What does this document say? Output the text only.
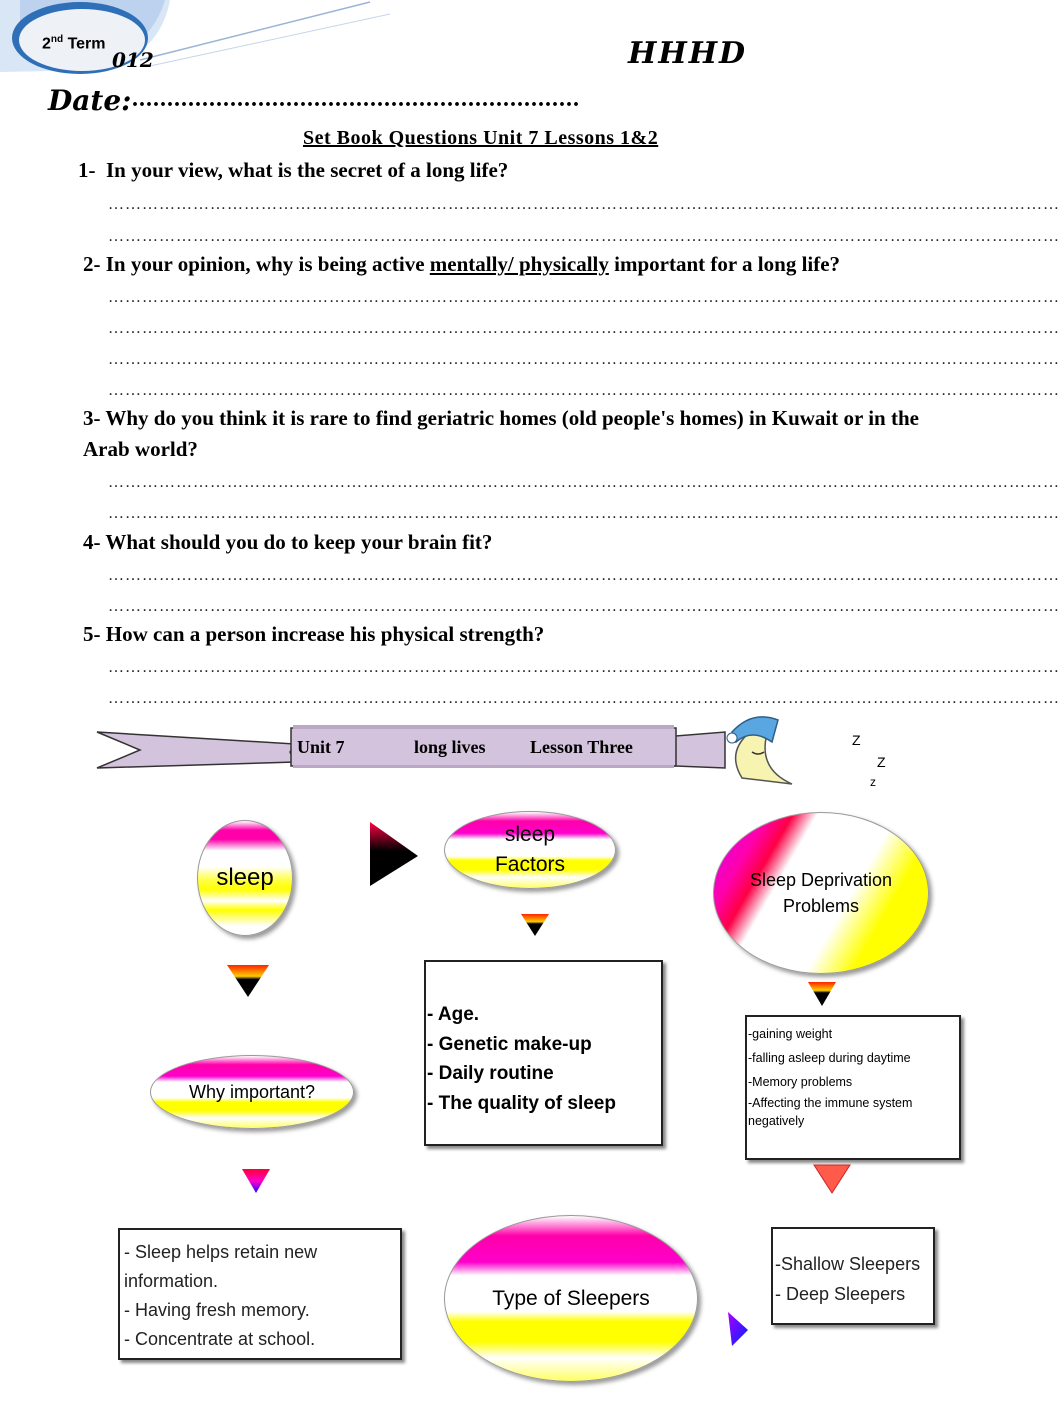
2nd Term
012	HHHD
Date: ................................................................
Set Book Questions Unit 7 Lessons 1&2
1- In your view, what is the secret of a long life?
……………………………………………………………………………………………………………………………………………………
……………………………………………………………………………………………………………………………………………………
2- In your opinion, why is being active mentally/ physically important for a long life?
……………………………………………………………………………………………………………………………………………………
……………………………………………………………………………………………………………………………………………………
……………………………………………………………………………………………………………………………………………………
……………………………………………………………………………………………………………………………………………………
3- Why do you think it is rare to find geriatric homes (old people's homes) in Kuwait or in the Arab world?
……………………………………………………………………………………………………………………………………………………
……………………………………………………………………………………………………………………………………………………
4- What should you do to keep your brain fit?
……………………………………………………………………………………………………………………………………………………
……………………………………………………………………………………………………………………………………………………
5- How can a person increase his physical strength?
……………………………………………………………………………………………………………………………………………………
……………………………………………………………………………………………………………………………………………………
Unit 7	long lives Lesson Three	Z
Z
z
sleep
sleep
Factors
Sleep Deprivation
Problems
Why important?
Type of Sleepers
- Age.
- Genetic make-up
- Daily routine
- The quality of sleep
-gaining weight
-falling asleep during daytime
-Memory problems
-Affecting the immune system
negatively
- Sleep helps retain new
information.
- Having fresh memory.
- Concentrate at school.
-Shallow Sleepers
- Deep Sleepers
